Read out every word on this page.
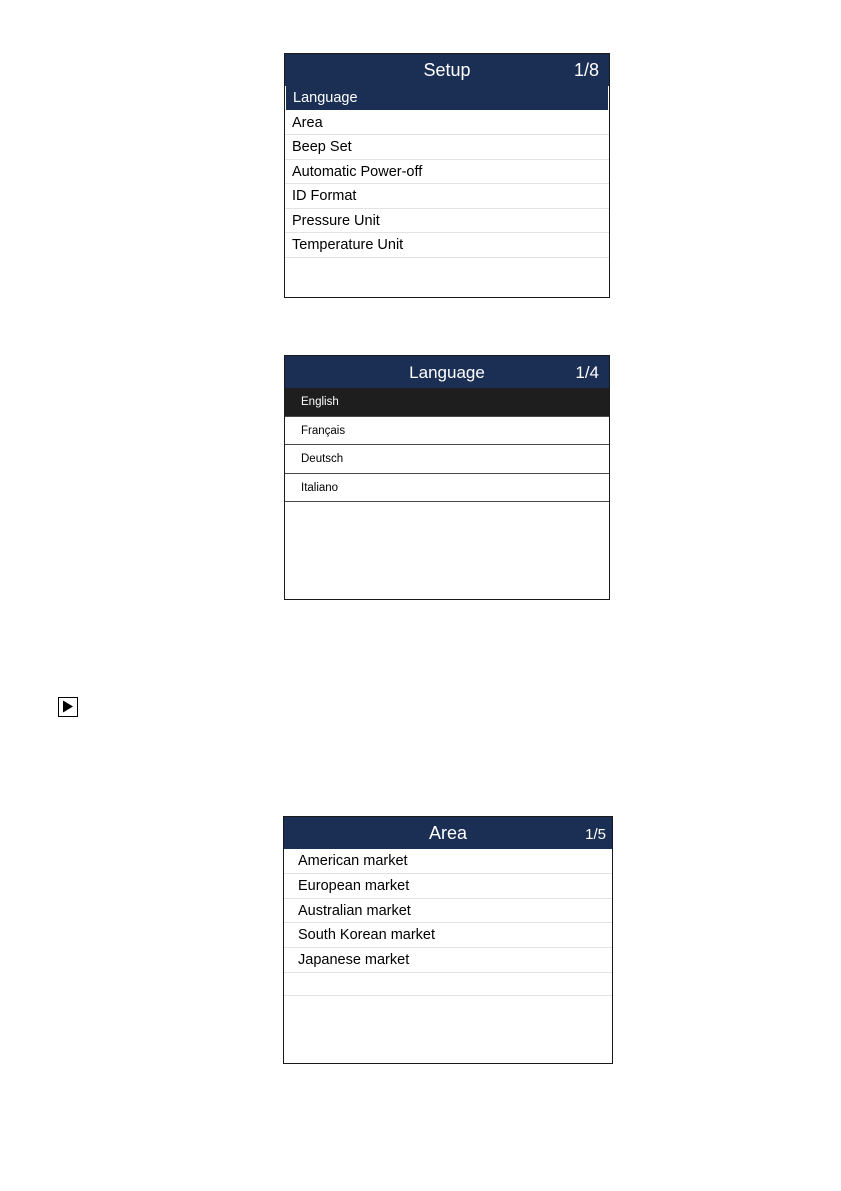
Setup	1/8
Language
Area
Beep Set
Automatic Power-off
ID Format
Pressure Unit
Temperature Unit
Language	1/4
English
Français
Deutsch
Italiano
Area	1/5
American market
European market
Australian market
South Korean market
Japanese market
